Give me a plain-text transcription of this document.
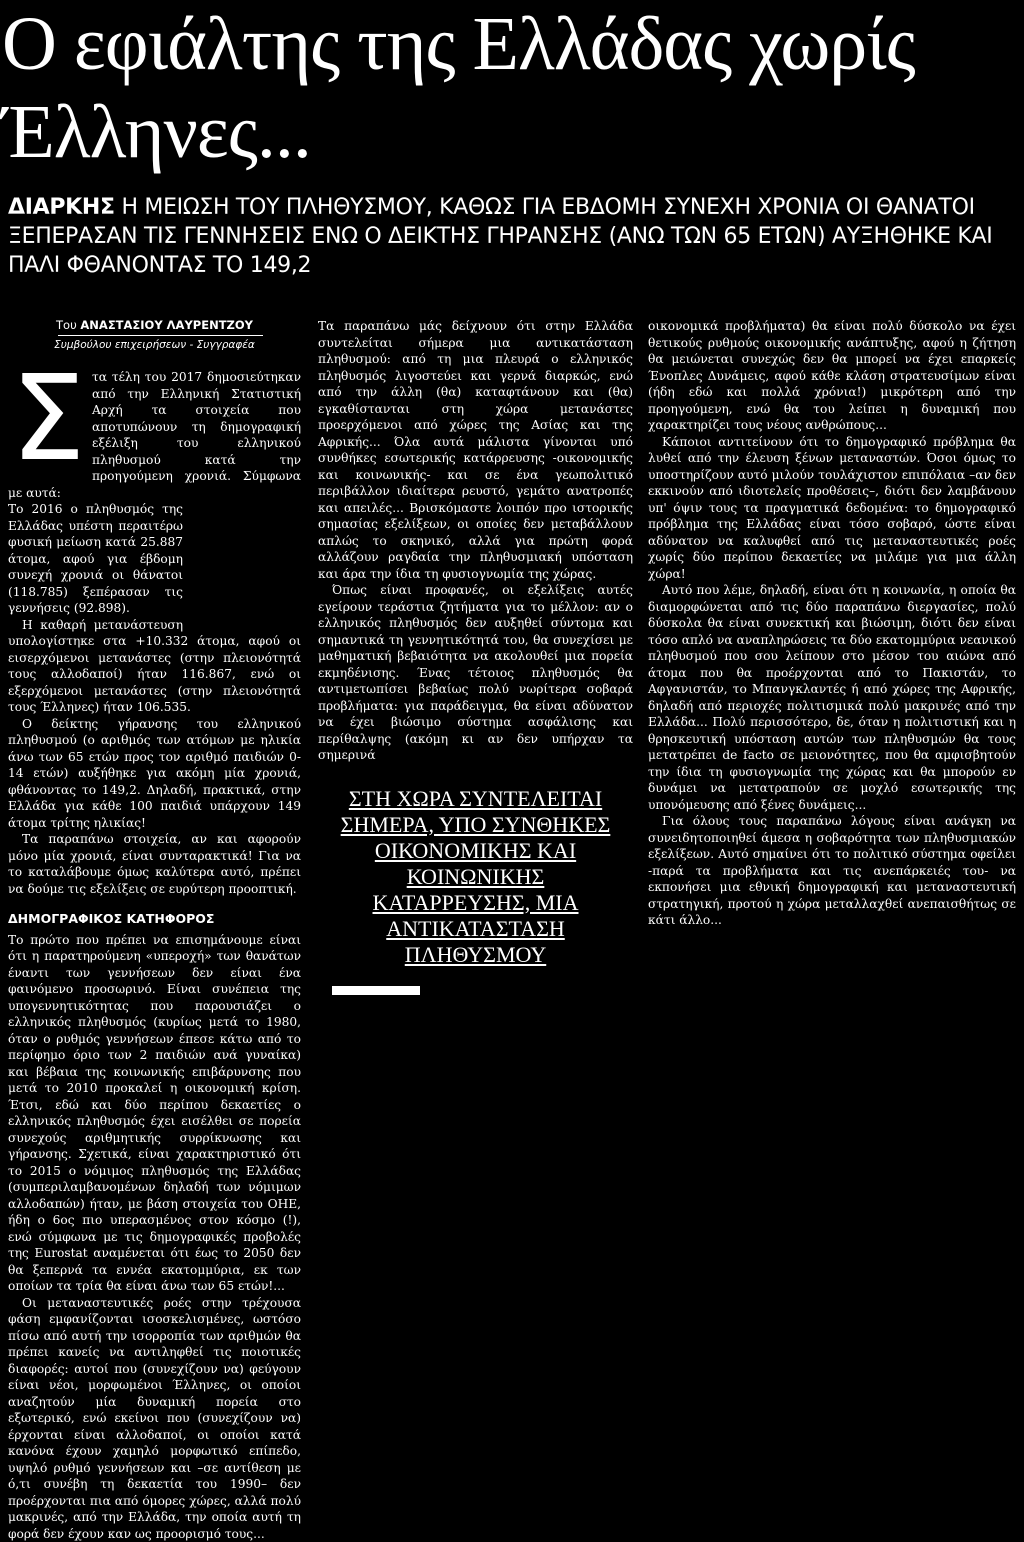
Ο εφιάλτης της Ελλάδας χωρίς Έλληνες...

ΔΙΑΡΚΗΣ Η ΜΕΙΩΣΗ ΤΟΥ ΠΛΗΘΥΣΜΟΥ, ΚΑΘΩΣ ΓΙΑ ΕΒΔΟΜΗ ΣΥΝΕΧΗ ΧΡΟΝΙΑ ΟΙ ΘΑΝΑΤΟΙ ΞΕΠΕΡΑΣΑΝ ΤΙΣ ΓΕΝΝΗΣΕΙΣ ΕΝΩ Ο ΔΕΙΚΤΗΣ ΓΗΡΑΝΣΗΣ (ΑΝΩ ΤΩΝ 65 ΕΤΩΝ) ΑΥΞΗΘΗΚΕ ΚΑΙ ΠΑΛΙ ΦΘΑΝΟΝΤΑΣ ΤΟ 149,2

Του ΑΝΑΣΤΑΣΙΟΥ ΛΑΥΡΕΝΤΖΟΥ
Συμβούλου επιχειρήσεων - Συγγραφέα
Σ τα τέλη του 2017 δημοσιεύτηκαν από την Ελληνική Στατιστική Αρχή τα στοιχεία που αποτυπώνουν τη δημογραφική εξέλιξη του ελληνικού πληθυσμού κατά την προηγούμενη χρονιά. Σύμφωνα με αυτά:

Το 2016 ο πληθυσμός της Ελλάδας υπέστη περαιτέρω φυσική μείωση κατά 25.887 άτομα, αφού για έβδομη συνεχή χρονιά οι θάνατοι (118.785) ξεπέρασαν τις γεννήσεις (92.898).

Η καθαρή μετανάστευση υπολογίστηκε στα +10.332 άτομα, αφού οι εισερχόμενοι μετανάστες (στην πλειονότητά τους αλλοδαποί) ήταν 116.867, ενώ οι εξερχόμενοι μετανάστες (στην πλειονότητά τους Έλληνες) ήταν 106.535.

Ο δείκτης γήρανσης του ελληνικού πληθυσμού (ο αριθμός των ατόμων με ηλικία άνω των 65 ετών προς τον αριθμό παιδιών 0-14 ετών) αυξήθηκε για ακόμη μία χρονιά, φθάνοντας το 149,2. Δηλαδή, πρακτικά, στην Ελλάδα για κάθε 100 παιδιά υπάρχουν 149 άτομα τρίτης ηλικίας!

Τα παραπάνω στοιχεία, αν και αφορούν μόνο μία χρονιά, είναι συνταρακτικά! Για να το καταλάβουμε όμως καλύτερα αυτό, πρέπει να δούμε τις εξελίξεις σε ευρύτερη προοπτική.

ΔΗΜΟΓΡΑΦΙΚΟΣ ΚΑΤΗΦΟΡΟΣ

Το πρώτο που πρέπει να επισημάνουμε είναι ότι η παρατηρούμενη «υπεροχή» των θανάτων έναντι των γεννήσεων δεν είναι ένα φαινόμενο προσωρινό. Είναι συνέπεια της υπογεννητικότητας που παρουσιάζει ο ελληνικός πληθυσμός (κυρίως μετά το 1980, όταν ο ρυθμός γεννήσεων έπεσε κάτω από το περίφημο όριο των 2 παιδιών ανά γυναίκα) και βέβαια της κοινωνικής επιβάρυνσης που μετά το 2010 προκαλεί η οικονομική κρίση. Έτσι, εδώ και δύο περίπου δεκαετίες ο ελληνικός πληθυσμός έχει εισέλθει σε πορεία συνεχούς αριθμητικής συρρίκνωσης και γήρανσης. Σχετικά, είναι χαρακτηριστικό ότι το 2015 ο νόμιμος πληθυσμός της Ελλάδας (συμπεριλαμβανομένων δηλαδή των νόμιμων αλλοδαπών) ήταν, με βάση στοιχεία του ΟΗΕ, ήδη ο 6ος πιο υπερασμένος στον κόσμο (!), ενώ σύμφωνα με τις δημογραφικές προβολές της Eurostat αναμένεται ότι έως το 2050 δεν θα ξεπερνά τα εννέα εκατομμύρια, εκ των οποίων τα τρία θα είναι άνω των 65 ετών!...

Οι μεταναστευτικές ροές στην τρέχουσα φάση εμφανίζονται ισοσκελισμένες, ωστόσο πίσω από αυτή την ισορροπία των αριθμών θα πρέπει κανείς να αντιληφθεί τις ποιοτικές διαφορές: αυτοί που (συνεχίζουν να) φεύγουν είναι νέοι, μορφωμένοι Έλληνες, οι οποίοι αναζητούν μία δυναμική πορεία στο εξωτερικό, ενώ εκείνοι που (συνεχίζουν να) έρχονται είναι αλλοδαποί, οι οποίοι κατά κανόνα έχουν χαμηλό μορφωτικό επίπεδο, υψηλό ρυθμό γεννήσεων και –σε αντίθεση με ό,τι συνέβη τη δεκαετία του 1990– δεν προέρχονται πια από όμορες χώρες, αλλά πολύ μακρινές, από την Ελλάδα, την οποία αυτή τη φορά δεν έχουν καν ως προορισμό τους...

Τα παραπάνω μάς δείχνουν ότι στην Ελλάδα συντελείται σήμερα μια αντικατάσταση πληθυσμού: από τη μια πλευρά ο ελληνικός πληθυσμός λιγοστεύει και γερνά διαρκώς, ενώ από την άλλη (θα) καταφτάνουν και (θα) εγκαθίστανται στη χώρα μετανάστες προερχόμενοι από χώρες της Ασίας και της Αφρικής... Όλα αυτά μάλιστα γίνονται υπό συνθήκες εσωτερικής κατάρρευσης -οικονομικής και κοινωνικής- και σε ένα γεωπολιτικό περιβάλλον ιδιαίτερα ρευστό, γεμάτο ανατροπές και απειλές... Βρισκόμαστε λοιπόν προ ιστορικής σημασίας εξελίξεων, οι οποίες δεν μεταβάλλουν απλώς το σκηνικό, αλλά για πρώτη φορά αλλάζουν ραγδαία την πληθυσμιακή υπόσταση και άρα την ίδια τη φυσιογνωμία της χώρας.

Όπως είναι προφανές, οι εξελίξεις αυτές εγείρουν τεράστια ζητήματα για το μέλλον: αν ο ελληνικός πληθυσμός δεν αυξηθεί σύντομα και σημαντικά τη γεννητικότητά του, θα συνεχίσει με μαθηματική βεβαιότητα να ακολουθεί μια πορεία εκμηδένισης. Ένας τέτοιος πληθυσμός θα αντιμετωπίσει βεβαίως πολύ νωρίτερα σοβαρά προβλήματα: για παράδειγμα, θα είναι αδύνατον να έχει βιώσιμο σύστημα ασφάλισης και περίθαλψης (ακόμη κι αν δεν υπήρχαν τα σημερινά

ΣΤΗ ΧΩΡΑ ΣΥΝΤΕΛΕΙΤΑΙ ΣΗΜΕΡΑ, ΥΠΟ ΣΥΝΘΗΚΕΣ ΟΙΚΟΝΟΜΙΚΗΣ ΚΑΙ ΚΟΙΝΩΝΙΚΗΣ ΚΑΤΑΡΡΕΥΣΗΣ, ΜΙΑ ΑΝΤΙΚΑΤΑΣΤΑΣΗ ΠΛΗΘΥΣΜΟΥ

οικονομικά προβλήματα) θα είναι πολύ δύσκολο να έχει θετικούς ρυθμούς οικονομικής ανάπτυξης, αφού η ζήτηση θα μειώνεται συνεχώς δεν θα μπορεί να έχει επαρκείς Ένοπλες Δυνάμεις, αφού κάθε κλάση στρατευσίμων είναι (ήδη εδώ και πολλά χρόνια!) μικρότερη από την προηγούμενη, ενώ θα του λείπει η δυναμική που χαρακτηρίζει τους νέους ανθρώπους...

Κάποιοι αντιτείνουν ότι το δημογραφικό πρόβλημα θα λυθεί από την έλευση ξένων μεταναστών. Όσοι όμως το υποστηρίζουν αυτό μιλούν τουλάχιστον επιπόλαια –αν δεν εκκινούν από ιδιοτελείς προθέσεις–, διότι δεν λαμβάνουν υπ' όψιν τους τα πραγματικά δεδομένα: το δημογραφικό πρόβλημα της Ελλάδας είναι τόσο σοβαρό, ώστε είναι αδύνατον να καλυφθεί από τις μεταναστευτικές ροές χωρίς δύο περίπου δεκαετίες να μιλάμε για μια άλλη χώρα!

Αυτό που λέμε, δηλαδή, είναι ότι η κοινωνία, η οποία θα διαμορφώνεται από τις δύο παραπάνω διεργασίες, πολύ δύσκολα θα είναι συνεκτική και βιώσιμη, διότι δεν είναι τόσο απλό να αναπληρώσεις τα δύο εκατομμύρια νεανικού πληθυσμού που σου λείπουν στο μέσον του αιώνα από άτομα που θα προέρχονται από το Πακιστάν, το Αφγανιστάν, το Μπανγκλαντές ή από χώρες της Αφρικής, δηλαδή από περιοχές πολιτισμικά πολύ μακρινές από την Ελλάδα... Πολύ περισσότερο, δε, όταν η πολιτιστική και η θρησκευτική υπόσταση αυτών των πληθυσμών θα τους μετατρέπει de facto σε μειονότητες, που θα αμφισβητούν την ίδια τη φυσιογνωμία της χώρας και θα μπορούν εν δυνάμει να μετατραπούν σε μοχλό εσωτερικής της υπονόμευσης από ξένες δυνάμεις...

Για όλους τους παραπάνω λόγους είναι ανάγκη να συνειδητοποιηθεί άμεσα η σοβαρότητα των πληθυσμιακών εξελίξεων. Αυτό σημαίνει ότι το πολιτικό σύστημα οφείλει -παρά τα προβλήματα και τις ανεπάρκειές του- να εκπονήσει μια εθνική δημογραφική και μεταναστευτική στρατηγική, προτού η χώρα μεταλλαχθεί ανεπαισθήτως σε κάτι άλλο...
